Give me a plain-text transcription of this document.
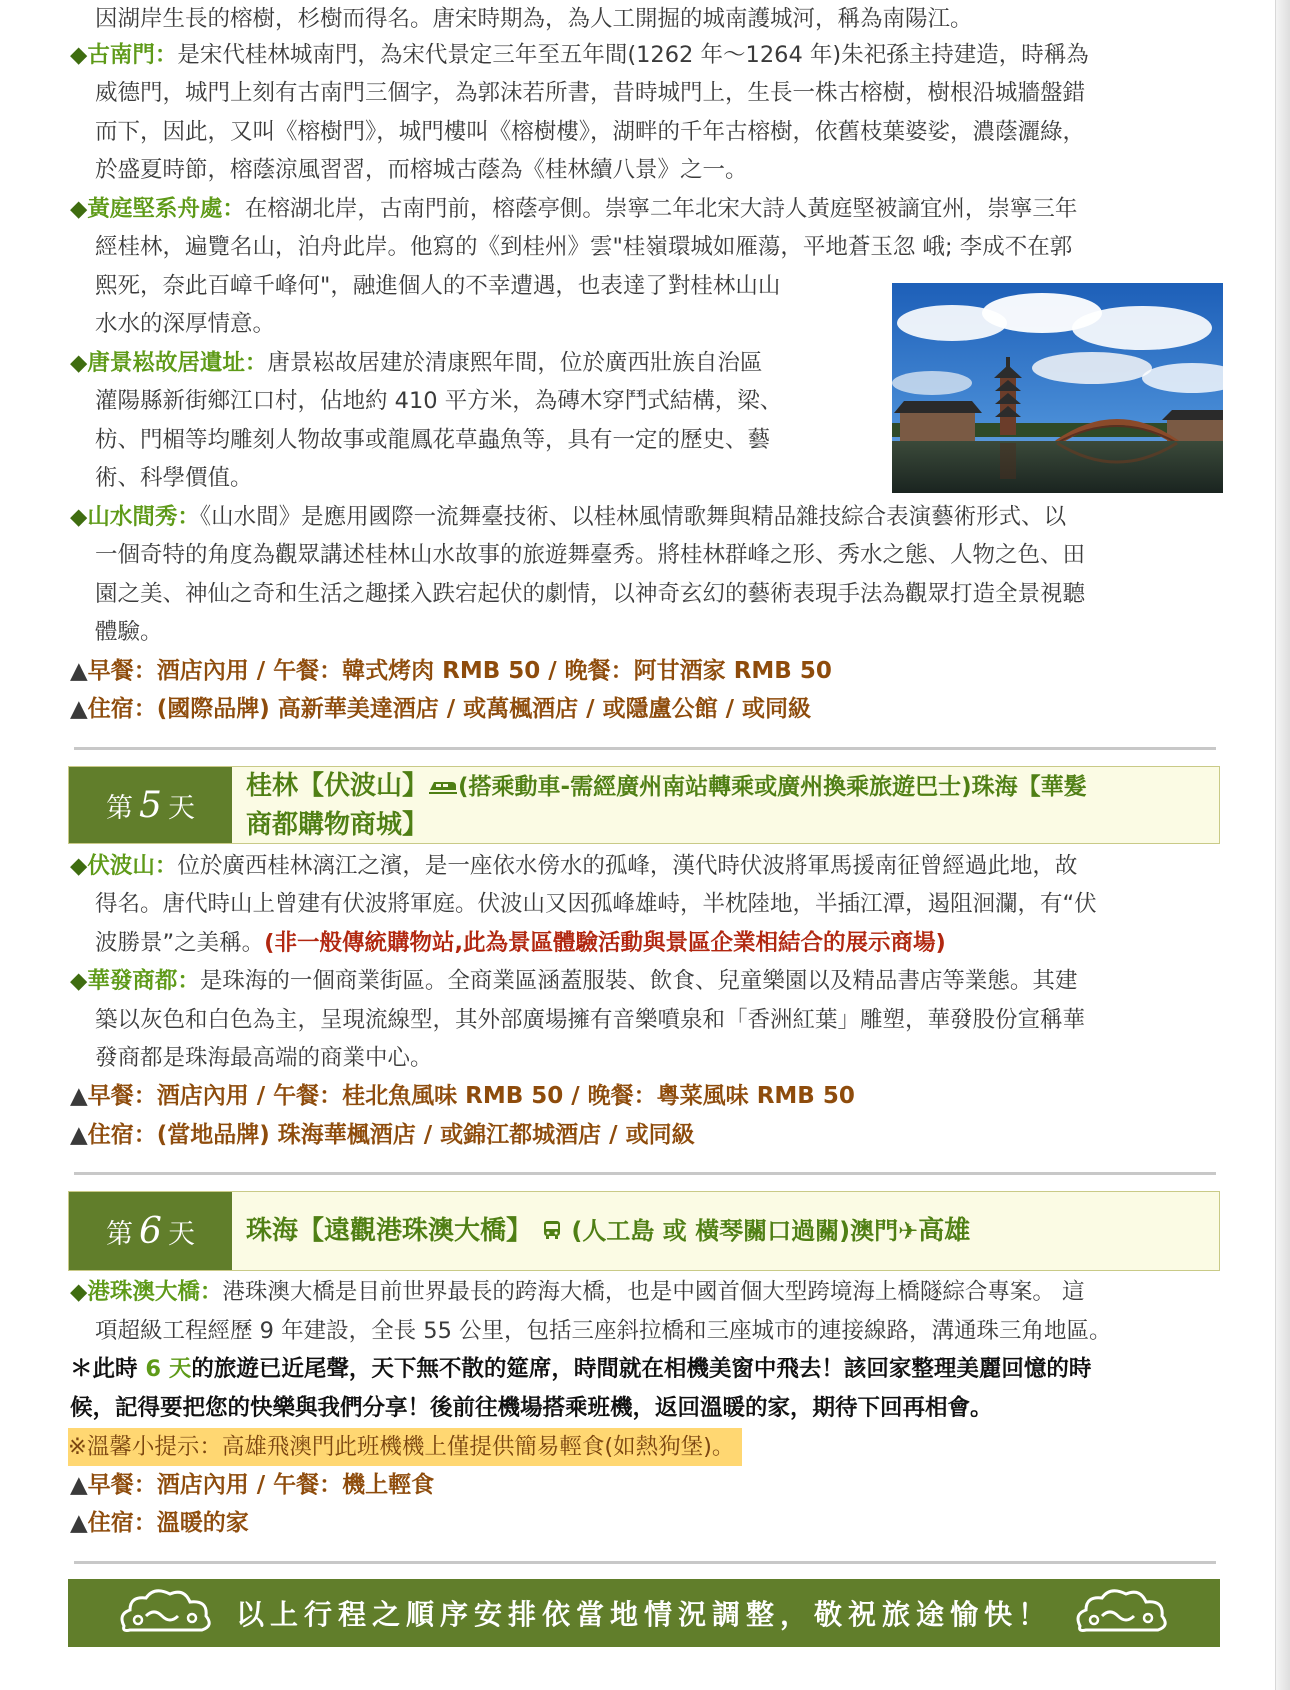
因湖岸生長的榕樹，杉樹而得名。唐宋時期為，為人工開掘的城南護城河，稱為南陽江。
◆古南門：是宋代桂林城南門，為宋代景定三年至五年間(1262 年～1264 年)朱祀孫主持建造，時稱為
威德門，城門上刻有古南門三個字，為郭沫若所書，昔時城門上，生長一株古榕樹，樹根沿城牆盤錯
而下，因此，又叫《榕樹門》，城門樓叫《榕樹樓》，湖畔的千年古榕樹，依舊枝葉婆娑，濃蔭灑綠，
於盛夏時節，榕蔭涼風習習，而榕城古蔭為《桂林續八景》之一。
◆黃庭堅系舟處：在榕湖北岸，古南門前，榕蔭亭側。崇寧二年北宋大詩人黃庭堅被謫宜州，崇寧三年
經桂林，遍覽名山，泊舟此岸。他寫的《到桂州》雲"桂嶺環城如雁蕩，平地蒼玉忽 峨; 李成不在郭
熙死，奈此百嶂千峰何"，融進個人的不幸遭遇，也表達了對桂林山山
水水的深厚情意。
◆唐景崧故居遺址：唐景崧故居建於清康熙年間，位於廣西壯族自治區
灌陽縣新街鄉江口村，佔地約 410 平方米，為磚木穿鬥式結構，梁、
枋、門楣等均雕刻人物故事或龍鳳花草蟲魚等，具有一定的歷史、藝
術、科學價值。
◆山水間秀：《山水間》是應用國際一流舞臺技術、以桂林風情歌舞與精品雜技綜合表演藝術形式、以
一個奇特的角度為觀眾講述桂林山水故事的旅遊舞臺秀。將桂林群峰之形、秀水之態、人物之色、田
園之美、神仙之奇和生活之趣揉入跌宕起伏的劇情，以神奇玄幻的藝術表現手法為觀眾打造全景視聽
體驗。
▲早餐：酒店內用 / 午餐：韓式烤肉 RMB 50 / 晚餐：阿甘酒家 RMB 50
▲住宿：(國際品牌) 高新華美達酒店 / 或萬楓酒店 / 或隱盧公館 / 或同級
第 5 天
桂林【伏波山】 (搭乘動車-需經廣州南站轉乘或廣州換乘旅遊巴士)珠海【華髮
商都購物商城】
◆伏波山：位於廣西桂林漓江之濱，是一座依水傍水的孤峰，漢代時伏波將軍馬援南征曾經過此地，故
得名。唐代時山上曾建有伏波將軍庭。伏波山又因孤峰雄峙，半枕陸地，半插江潭，遏阻洄瀾，有“伏
波勝景”之美稱。(非一般傳統購物站,此為景區體驗活動與景區企業相結合的展示商場)
◆華發商都：是珠海的一個商業街區。全商業區涵蓋服裝、飲食、兒童樂園以及精品書店等業態。其建
築以灰色和白色為主，呈現流線型，其外部廣場擁有音樂噴泉和「香洲紅葉」雕塑，華發股份宣稱華
發商都是珠海最高端的商業中心。
▲早餐：酒店內用 / 午餐：桂北魚風味 RMB 50 / 晚餐：粵菜風味 RMB 50
▲住宿：(當地品牌) 珠海華楓酒店 / 或錦江都城酒店 / 或同級
第 6 天 珠海【遠觀港珠澳大橋】  (人工島 或 橫琴關口過關)澳門✈高雄
◆港珠澳大橋：港珠澳大橋是目前世界最長的跨海大橋，也是中國首個大型跨境海上橋隧綜合專案。 這
項超級工程經歷 9 年建設，全長 55 公里，包括三座斜拉橋和三座城市的連接線路，溝通珠三角地區。
＊此時 6 天的旅遊已近尾聲，天下無不散的筵席，時間就在相機美窗中飛去！該回家整理美麗回憶的時
候，記得要把您的快樂與我們分享！後前往機場搭乘班機，返回溫暖的家，期待下回再相會。
※溫馨小提示：高雄飛澳門此班機機上僅提供簡易輕食(如熱狗堡)。
▲早餐：酒店內用 / 午餐：機上輕食
▲住宿：溫暖的家
以上行程之順序安排依當地情況調整，敬祝旅途愉快！
